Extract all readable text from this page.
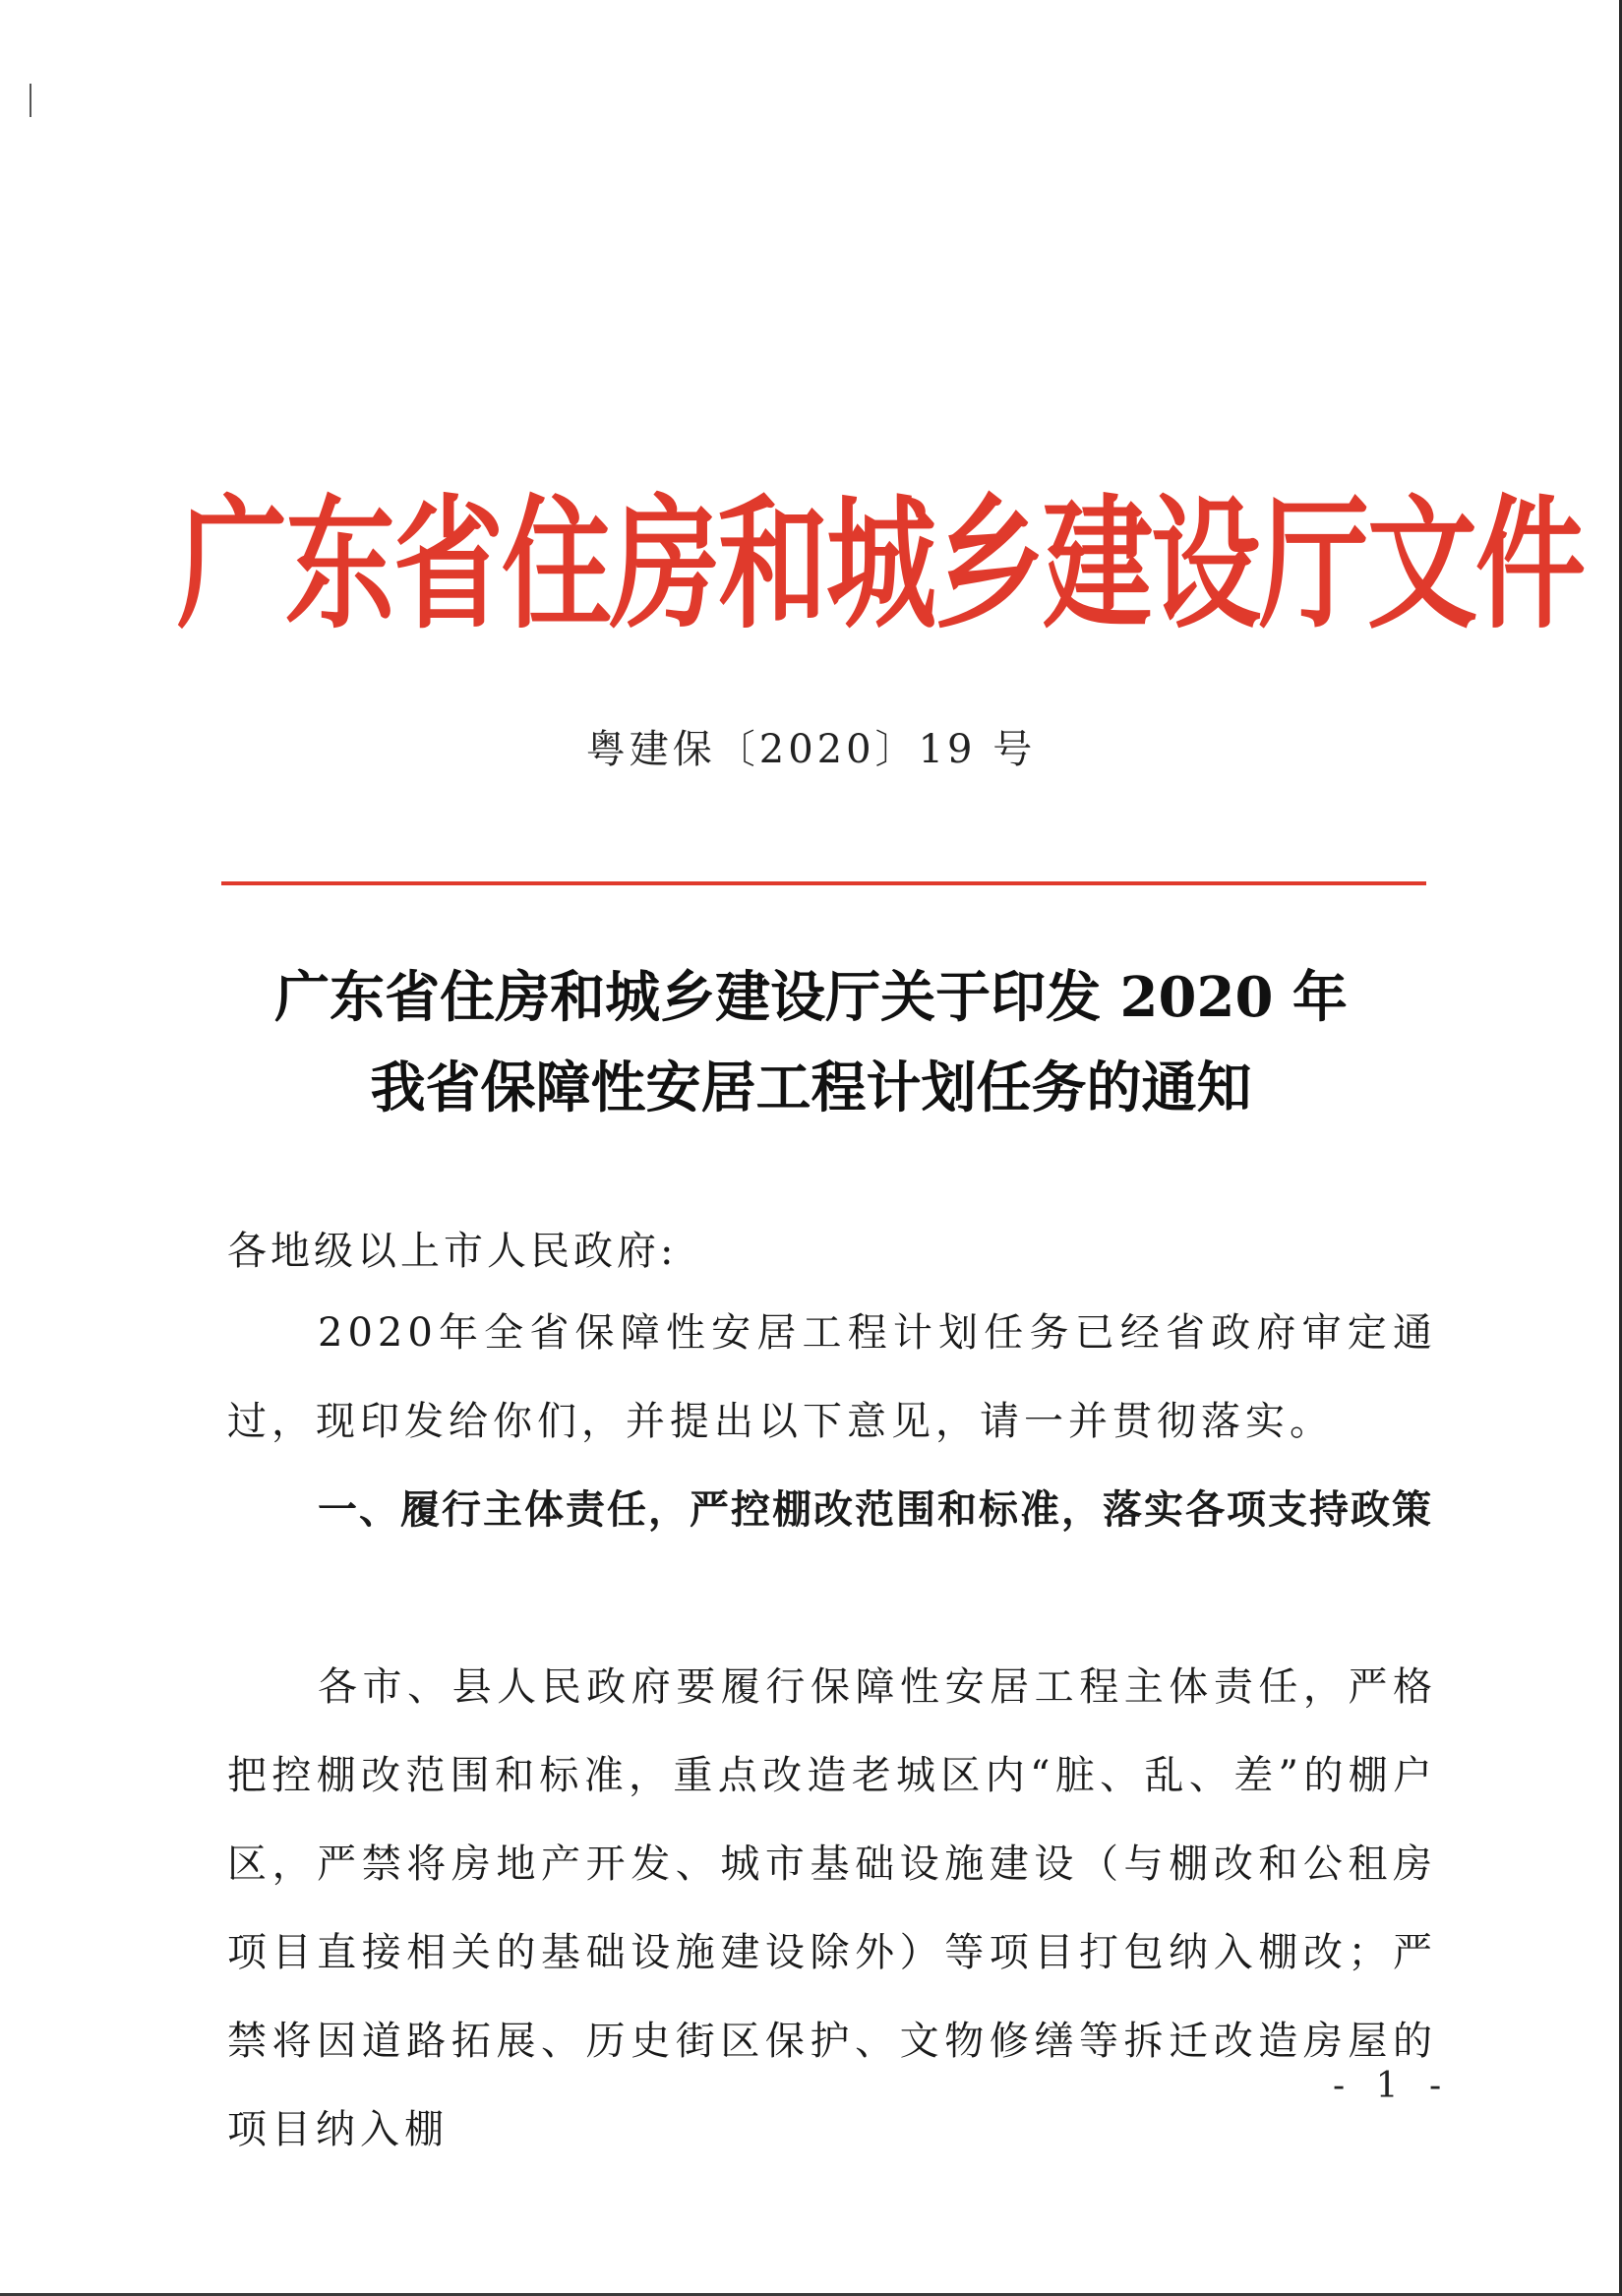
广东省住房和城乡建设厅文件
粤建保〔2020〕19 号
广东省住房和城乡建设厅关于印发 2020 年
我省保障性安居工程计划任务的通知
各地级以上市人民政府:

2020年全省保障性安居工程计划任务已经省政府审定通过，现印发给你们，并提出以下意见，请一并贯彻落实。

一、履行主体责任，严控棚改范围和标准，落实各项支持政策

各市、县人民政府要履行保障性安居工程主体责任，严格把控棚改范围和标准，重点改造老城区内“脏、乱、差”的棚户区，严禁将房地产开发、城市基础设施建设（与棚改和公租房项目直接相关的基础设施建设除外）等项目打包纳入棚改；严禁将因道路拓展、历史街区保护、文物修缮等拆迁改造房屋的项目纳入棚

- 1 -
